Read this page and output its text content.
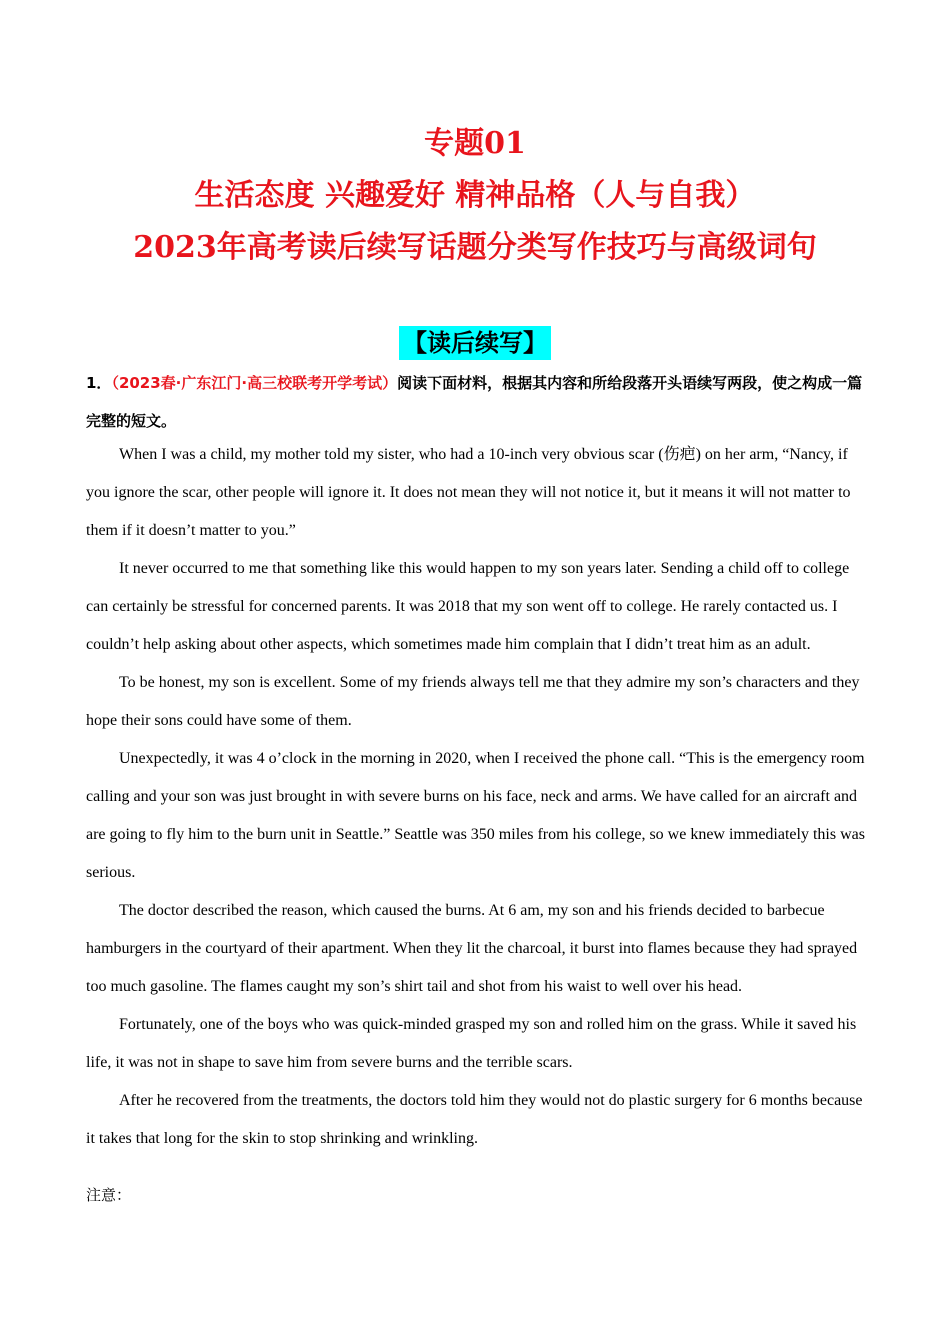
专题01
生活态度 兴趣爱好 精神品格（人与自我）
2023年高考读后续写话题分类写作技巧与高级词句
【读后续写】
1．（2023春·广东江门·高三校联考开学考试）阅读下面材料，根据其内容和所给段落开头语续写两段，使之构成一篇完整的短文。

When I was a child, my mother told my sister, who had a 10-inch very obvious scar (伤疤) on her arm, “Nancy, if you ignore the scar, other people will ignore it. It does not mean they will not notice it, but it means it will not matter to them if it doesn’t matter to you.”

It never occurred to me that something like this would happen to my son years later. Sending a child off to college can certainly be stressful for concerned parents. It was 2018 that my son went off to college. He rarely contacted us. I couldn’t help asking about other aspects, which sometimes made him complain that I didn’t treat him as an adult.

To be honest, my son is excellent. Some of my friends always tell me that they admire my son’s characters and they hope their sons could have some of them.

Unexpectedly, it was 4 o’clock in the morning in 2020, when I received the phone call. “This is the emergency room calling and your son was just brought in with severe burns on his face, neck and arms. We have called for an aircraft and are going to fly him to the burn unit in Seattle.” Seattle was 350 miles from his college, so we knew immediately this was serious.

The doctor described the reason, which caused the burns. At 6 am, my son and his friends decided to barbecue hamburgers in the courtyard of their apartment. When they lit the charcoal, it burst into flames because they had sprayed too much gasoline. The flames caught my son’s shirt tail and shot from his waist to well over his head.

Fortunately, one of the boys who was quick-minded grasped my son and rolled him on the grass. While it saved his life, it was not in shape to save him from severe burns and the terrible scars.

After he recovered from the treatments, the doctors told him they would not do plastic surgery for 6 months because it takes that long for the skin to stop shrinking and wrinkling.

注意：
